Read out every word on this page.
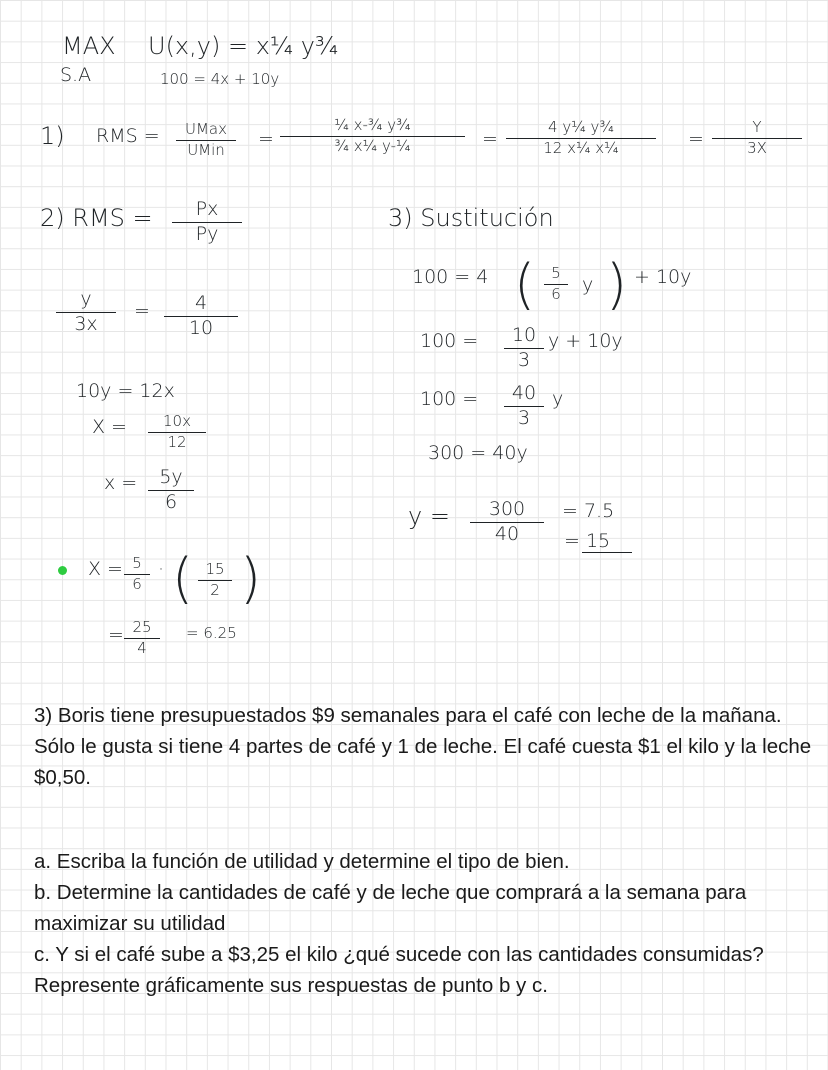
MAX U(x,y) = x¼ y¾
S.A	100 = 4x + 10y
1) RMS =	UMax
UMin	=
¼ x-¾ y¾
¾ x¼ y-¼	=
4 y¼ y¾
12 x¼ x¼	=
Y
3X
2) RMS =	Px
Py
y
3x
=	4
10
10y = 12x
X =	10x
12
x =	5y
6
X = 5
6
· ( 15
2 )
= 25
4
= 6.25
3) Sustitución
100 = 4 (	5
6	y ) + 10y
100 =	10
3
y + 10y
100 =	40
3
y
300 = 40y
y =	300
40
= 7.5
= 15
3) Boris tiene presupuestados $9 semanales para el café con leche de la mañana.
Sólo le gusta si tiene 4 partes de café y 1 de leche. El café cuesta $1 el kilo y la leche
$0,50.
a. Escriba la función de utilidad y determine el tipo de bien.
b. Determine la cantidades de café y de leche que comprará a la semana para
maximizar su utilidad
c. Y si el café sube a $3,25 el kilo ¿qué sucede con las cantidades consumidas?
Represente gráficamente sus respuestas de punto b y c.
